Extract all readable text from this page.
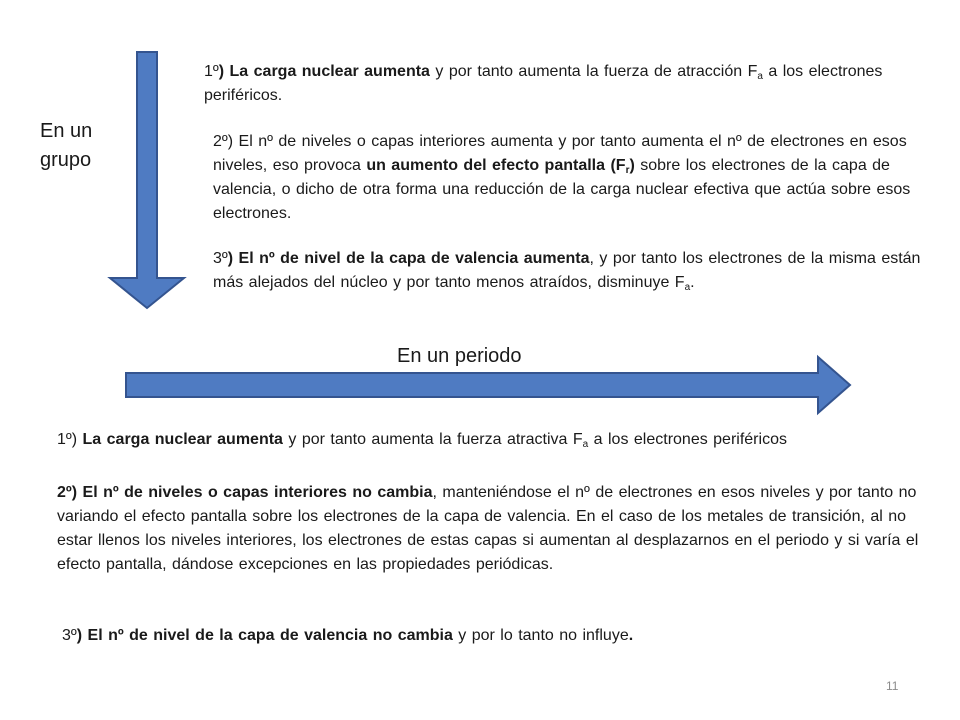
En un
grupo

1º) La carga nuclear aumenta y por tanto aumenta la fuerza de atracción $F_a$ a los electrones periféricos.

2º) El nº de niveles o capas interiores aumenta y por tanto aumenta el nº de electrones en esos niveles, eso provoca un aumento del efecto pantalla $(F_r)$ sobre los electrones de la capa de valencia, o dicho de otra forma una reducción de la carga nuclear efectiva que actúa sobre esos electrones.

3º) El nº de nivel de la capa de valencia aumenta, y por tanto los electrones de la misma están más alejados del núcleo y por tanto menos atraídos, disminuye $F_a$.

En un periodo

1º) La carga nuclear aumenta y por tanto aumenta la fuerza atractiva $F_a$ a los electrones periféricos

2º) El nº de niveles o capas interiores no cambia, manteniéndose el nº de electrones en esos niveles y por tanto no variando el efecto pantalla sobre los electrones de la capa de valencia. En el caso de los metales de transición, al no estar llenos los niveles interiores, los electrones de estas capas si aumentan al desplazarnos en el periodo y si varía el efecto pantalla, dándose excepciones en las propiedades periódicas.

3º) El nº de nivel de la capa de valencia no cambia y por lo tanto no influye.

11
